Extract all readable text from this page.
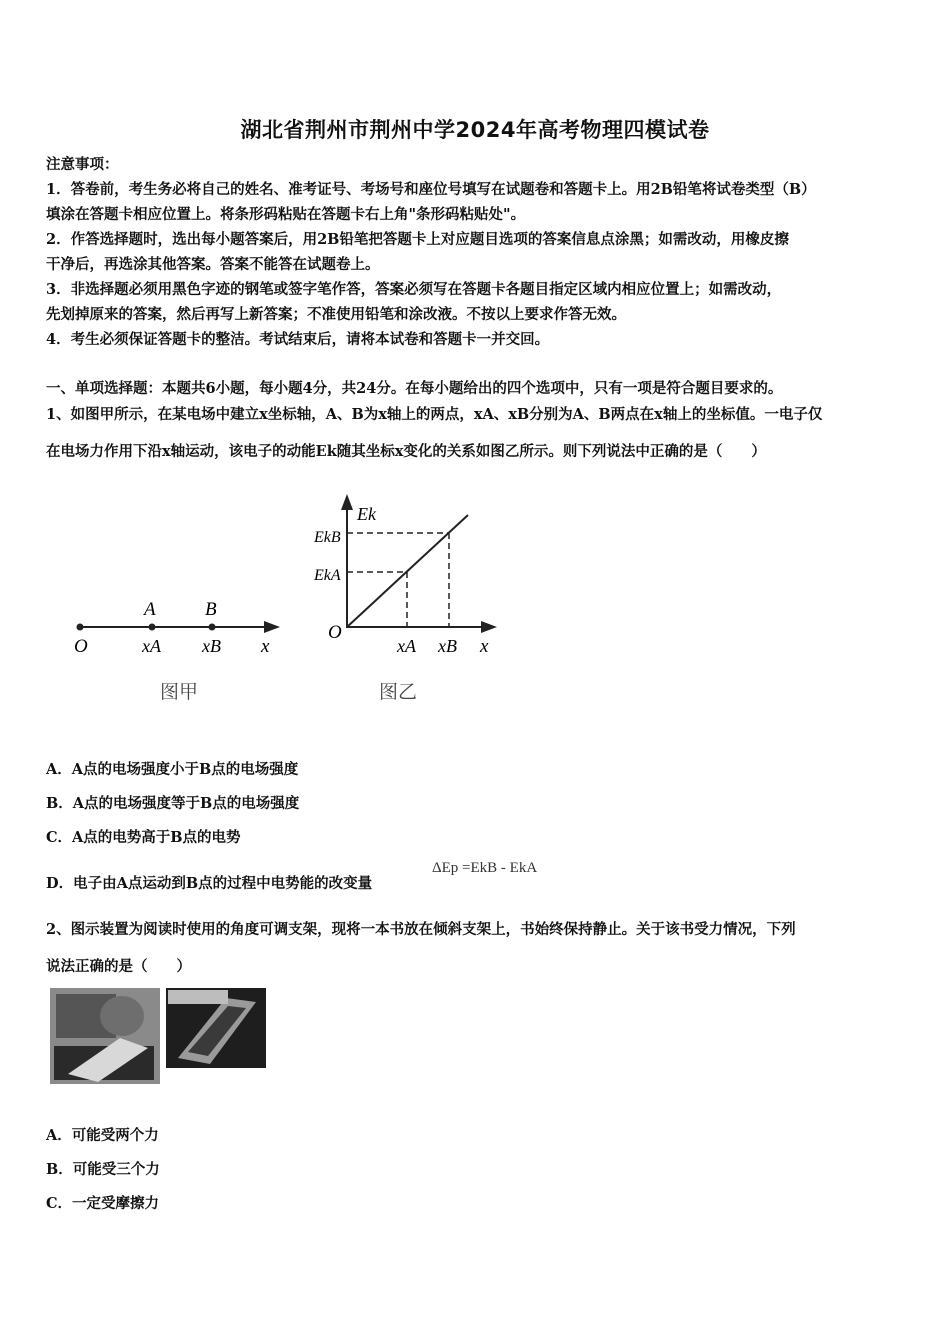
湖北省荆州市荆州中学2024年高考物理四模试卷
注意事项：
1．答卷前，考生务必将自己的姓名、准考证号、考场号和座位号填写在试题卷和答题卡上。用2B铅笔将试卷类型（B）
填涂在答题卡相应位置上。将条形码粘贴在答题卡右上角"条形码粘贴处"。
2．作答选择题时，选出每小题答案后，用2B铅笔把答题卡上对应题目选项的答案信息点涂黑；如需改动，用橡皮擦
干净后，再选涂其他答案。答案不能答在试题卷上。
3．非选择题必须用黑色字迹的钢笔或签字笔作答，答案必须写在答题卡各题目指定区域内相应位置上；如需改动，
先划掉原来的答案，然后再写上新答案；不准使用铅笔和涂改液。不按以上要求作答无效。
4．考生必须保证答题卡的整洁。考试结束后，请将本试卷和答题卡一并交回。
一、单项选择题：本题共6小题，每小题4分，共24分。在每小题给出的四个选项中，只有一项是符合题目要求的。
1、如图甲所示，在某电场中建立x坐标轴，A、B为x轴上的两点，xA、xB分别为A、B两点在x轴上的坐标值。一电子仅
在电场力作用下沿x轴运动，该电子的动能Ek随其坐标x变化的关系如图乙所示。则下列说法中正确的是（　　）
O
A	B
xA xB x
图甲
Ek
EkB
EkA
O
xA xB x
图乙
A．A点的电场强度小于B点的电场强度
B．A点的电场强度等于B点的电场强度
C．A点的电势高于B点的电势
D．电子由A点运动到B点的过程中电势能的改变量
ΔEp =EkB - EkA
2、图示装置为阅读时使用的角度可调支架，现将一本书放在倾斜支架上，书始终保持静止。关于该书受力情况，下列
说法正确的是（　　）
A．可能受两个力
B．可能受三个力
C．一定受摩擦力
